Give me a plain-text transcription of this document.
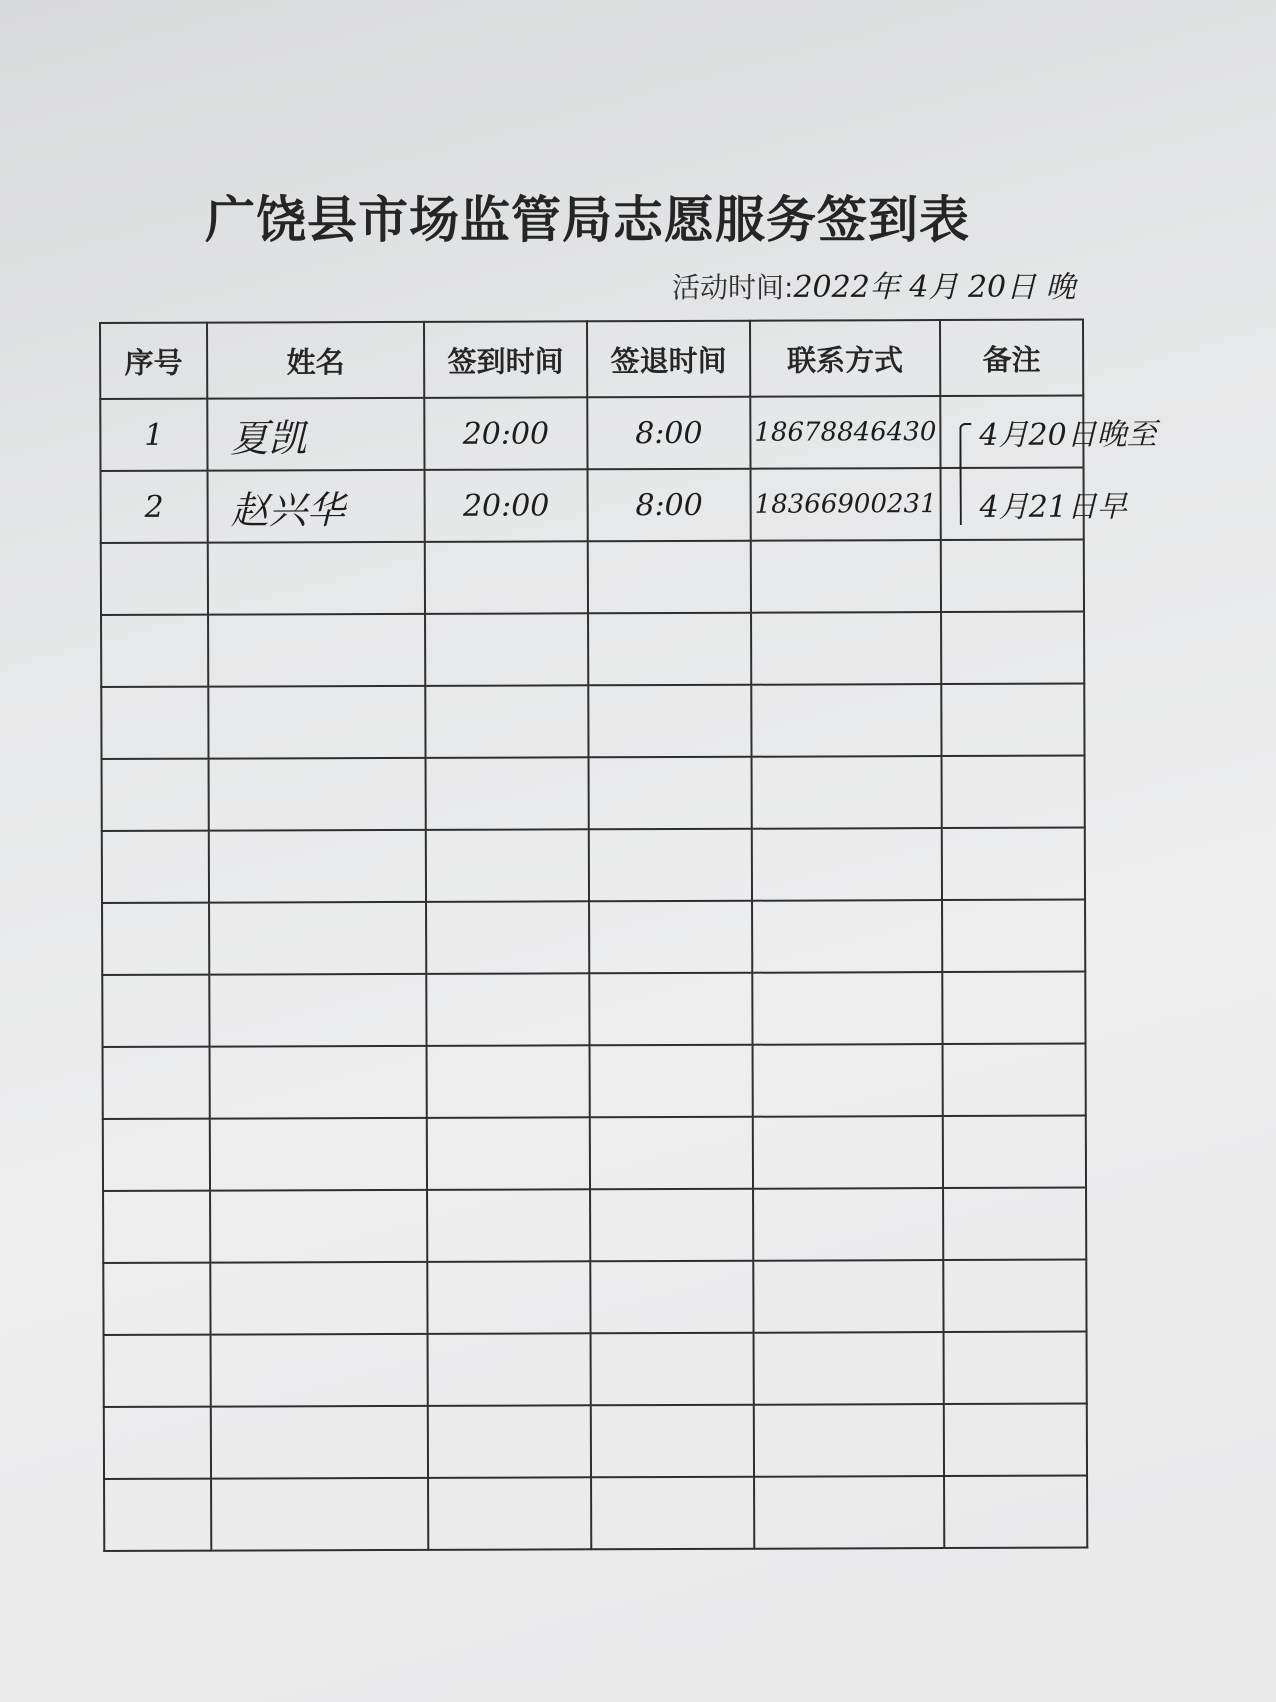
广饶县市场监管局志愿服务签到表
活动时间:2022年 4月 20日 晚
序号	姓名	签到时间	签退时间	联系方式	备注
1	夏凯	20:00	8:00	18678846430	4月20日晚至

2	赵兴华	20:00	8:00	18366900231	4月21日早
